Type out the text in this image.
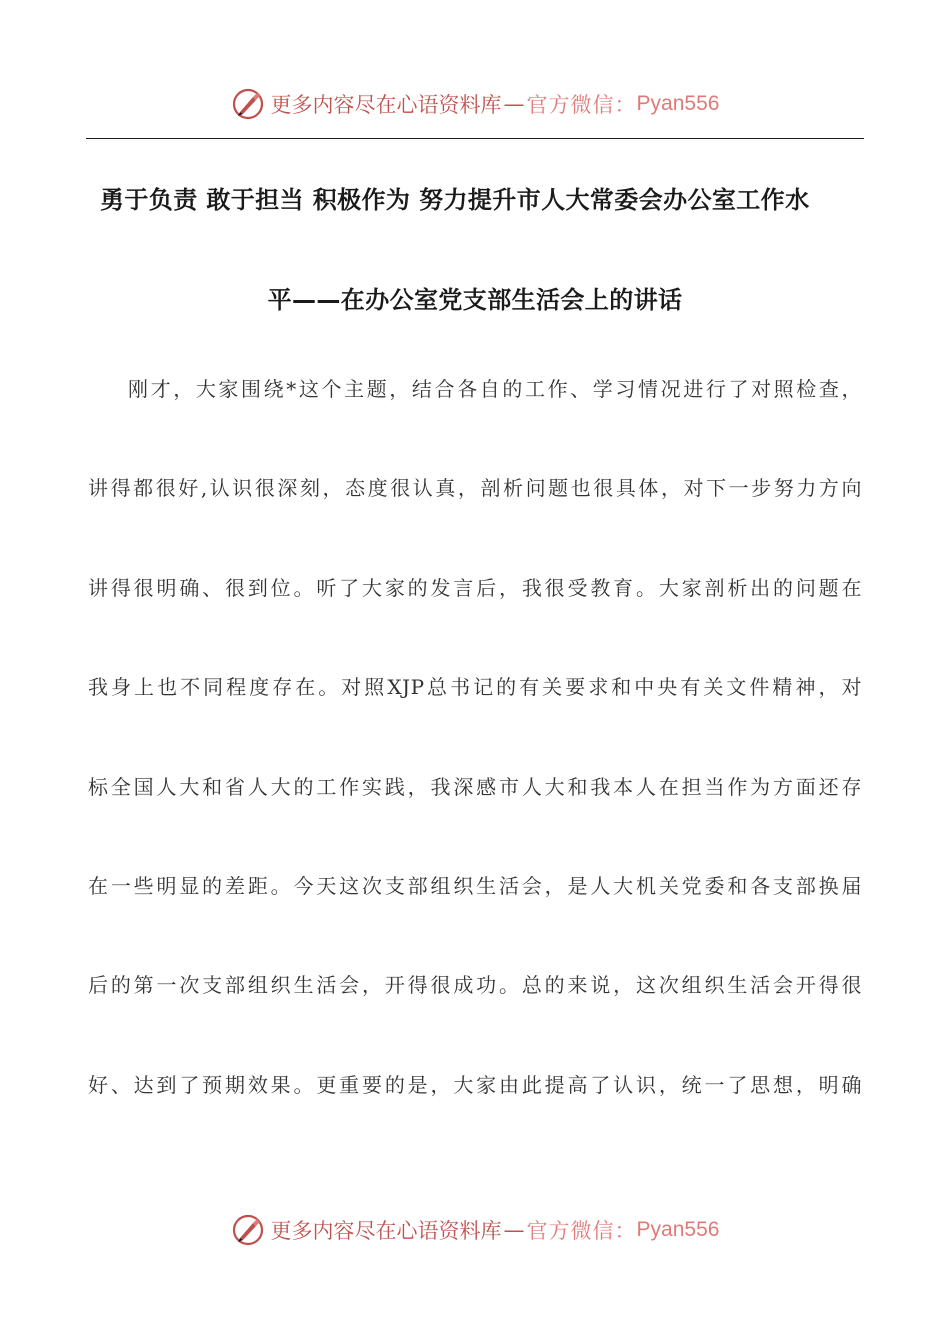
更多内容尽在心语资料库 — 官方微信： Pyan556
勇于负责 敢于担当 积极作为 努力提升市人大常委会办公室工作水
平——在办公室党支部生活会上的讲话
刚才，大家围绕*这个主题，结合各自的工作、学习情况进行了对照检查，
讲得都很好,认识很深刻，态度很认真，剖析问题也很具体，对下一步努力方向
讲得很明确、很到位。听了大家的发言后，我很受教育。大家剖析出的问题在
我身上也不同程度存在。对照XJP总书记的有关要求和中央有关文件精神，对
标全国人大和省人大的工作实践，我深感市人大和我本人在担当作为方面还存
在一些明显的差距。今天这次支部组织生活会，是人大机关党委和各支部换届
后的第一次支部组织生活会，开得很成功。总的来说，这次组织生活会开得很
好、达到了预期效果。更重要的是，大家由此提高了认识，统一了思想，明确
更多内容尽在心语资料库 — 官方微信： Pyan556
